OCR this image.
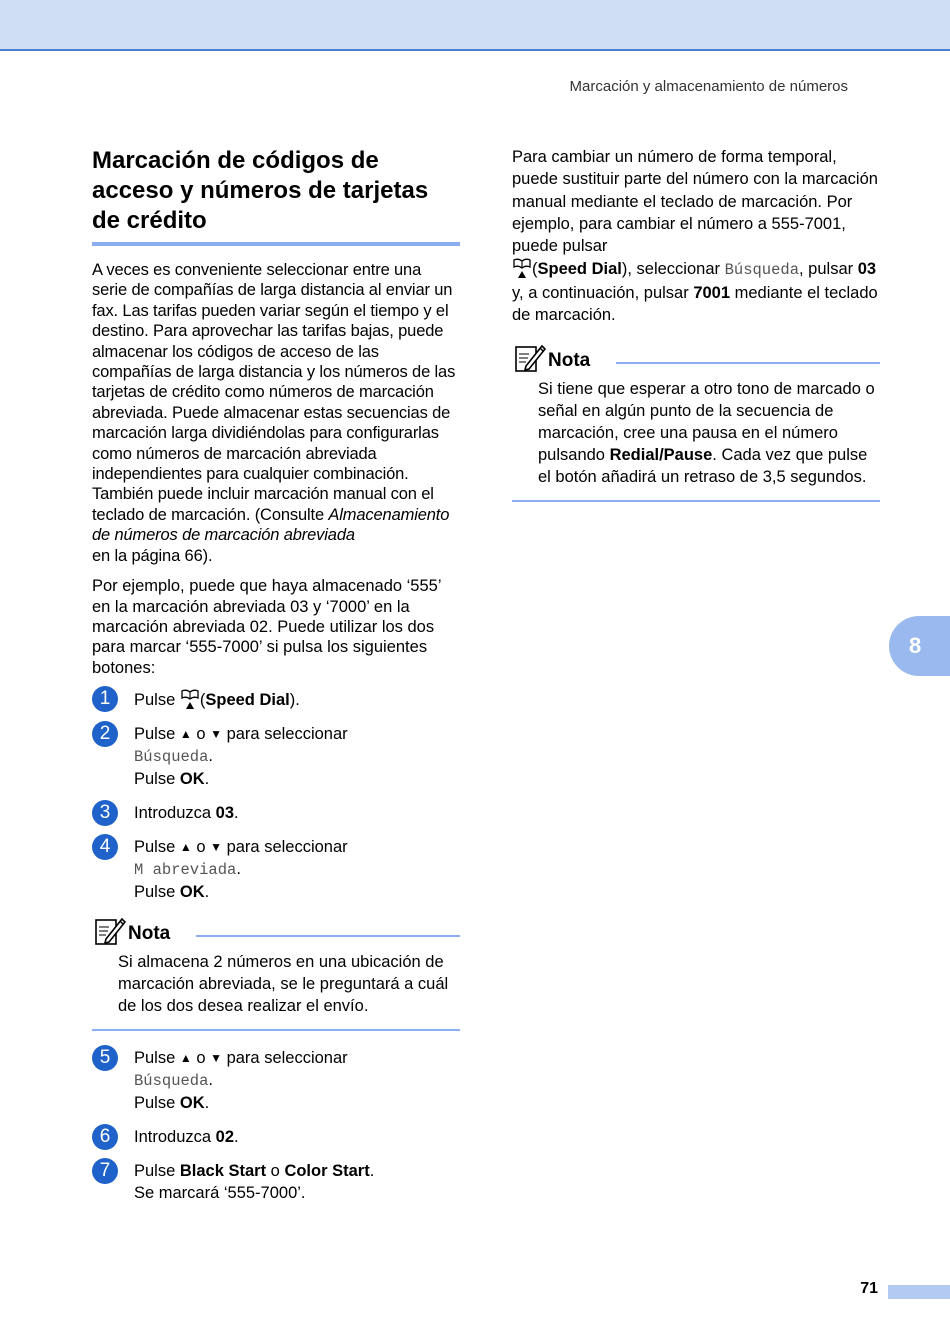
Marcación y almacenamiento de números
Marcación de códigos de acceso y números de tarjetas de crédito

A veces es conveniente seleccionar entre una serie de compañías de larga distancia al enviar un fax. Las tarifas pueden variar según el tiempo y el destino. Para aprovechar las tarifas bajas, puede almacenar los códigos de acceso de las compañías de larga distancia y los números de las tarjetas de crédito como números de marcación abreviada. Puede almacenar estas secuencias de marcación larga dividiéndolas para configurarlas como números de marcación abreviada independientes para cualquier combinación. También puede incluir marcación manual con el teclado de marcación. (Consulte Almacenamiento de números de marcación abreviada
en la página 66).

Por ejemplo, puede que haya almacenado ‘555’ en la marcación abreviada 03 y ‘7000’ en la marcación abreviada 02. Puede utilizar los dos para marcar ‘555-7000’ si pulsa los siguientes botones:

1	Pulse (Speed Dial).
2	Pulse ▲ o ▼ para seleccionar
Búsqueda.
Pulse OK.
3	Introduzca 03.
4	Pulse ▲ o ▼ para seleccionar
M abreviada.
Pulse OK.
Nota
Si almacena 2 números en una ubicación de marcación abreviada, se le preguntará a cuál de los dos desea realizar el envío.
5	Pulse ▲ o ▼ para seleccionar
Búsqueda.
Pulse OK.
6	Introduzca 02.
7	Pulse Black Start o Color Start.
Se marcará ‘555-7000’.

Para cambiar un número de forma temporal, puede sustituir parte del número con la marcación manual mediante el teclado de marcación. Por ejemplo, para cambiar el número a 555-7001, puede pulsar
(Speed Dial), seleccionar Búsqueda, pulsar 03 y, a continuación, pulsar 7001 mediante el teclado de marcación.

Nota
Si tiene que esperar a otro tono de marcado o señal en algún punto de la secuencia de marcación, cree una pausa en el número pulsando Redial/Pause. Cada vez que pulse el botón añadirá un retraso de 3,5 segundos.
8
71
